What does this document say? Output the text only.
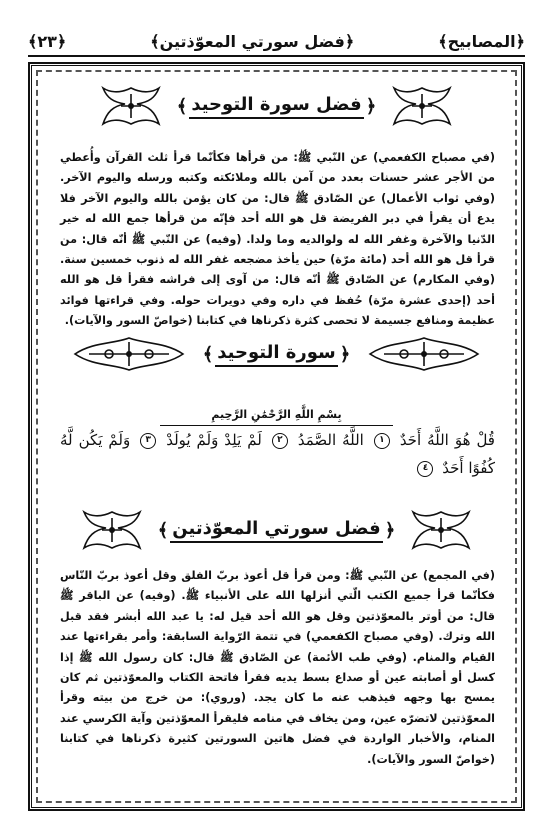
﴿المصابيح﴾
﴿فضل سورتي المعوّذتين﴾
﴿٢٣﴾
﴿
فضل سورة التوحيد
﴾

(في مصباح الكفعمي) عن النّبي ﷺ: من قرأها فكأنّما قرأ ثلث القرآن وأُعطي من الأجر عشر حسنات بعدد من آمن بالله وملائكته وكتبه ورسله واليوم الآخر. (وفي ثواب الأعمال) عن الصّادق ﷺ قال: من كان يؤمن بالله واليوم الآخر فلا يدع أن يقرأ في دبر الفريضة قل هو الله أحد فإنّه من قرأها جمع الله له خير الدّنيا والآخرة وغفر الله له ولوالديه وما ولدا. (وفيه) عن النّبي ﷺ أنّه قال: من قرأ قل هو الله أحد (مائة مرّة) حين يأخذ مضجعه غفر الله له ذنوب خمسين سنة. (وفي المكارم) عن الصّادق ﷺ أنّه قال: من آوى إلى فراشه فقرأ قل هو الله أحد (إحدى عشرة مرّة) حُفظ في داره وفي دويرات حوله. وفي قراءتها فوائد عظيمة ومنافع جسيمة لا تحصى كثرة ذكرناها في كتابنا (خواصّ السور والآيات).

﴿
سورة التوحيد
﴾
بِسْمِ اللَّهِ الرَّحْمَٰنِ الرَّحِيمِ
قُلْ هُوَ اللَّهُ أَحَدٌ ١ اللَّهُ الصَّمَدُ ٢ لَمْ يَلِدْ وَلَمْ يُولَدْ ٣ وَلَمْ يَكُن لَّهُ كُفُوًا أَحَدٌ ٤
﴿
فضل سورتي المعوّذتين
﴾

(في المجمع) عن النّبي ﷺ: ومن قرأ قل أعوذ بربّ الفلق وقل أعوذ بربّ النّاس فكأنّما قرأ جميع الكتب الّتي أنزلها الله على الأنبياء ﷺ. (وفيه) عن الباقر ﷺ قال: من أوتر بالمعوّذتين وقل هو الله أحد قيل له: يا عبد الله أبشر فقد قبل الله وترك. (وفي مصباح الكفعمي) في تتمة الرّواية السابقة: وأمر بقراءتها عند القيام والمنام. (وفي طب الأئمة) عن الصّادق ﷺ قال: كان رسول الله ﷺ إذا كسل أو أصابته عين أو صداع بسط يديه فقرأ فاتحة الكتاب والمعوّذتين ثم كان يمسح بها وجهه فيذهب عنه ما كان يجد. (وروي): من خرج من بيته وقرأ المعوّذتين لاتضرّه عين، ومن يخاف في منامه فليقرأ المعوّذتين وآية الكرسي عند المنام، والأخبار الواردة في فضل هاتين السورتين كثيرة ذكرناها في كتابنا (خواصّ السور والآيات).
